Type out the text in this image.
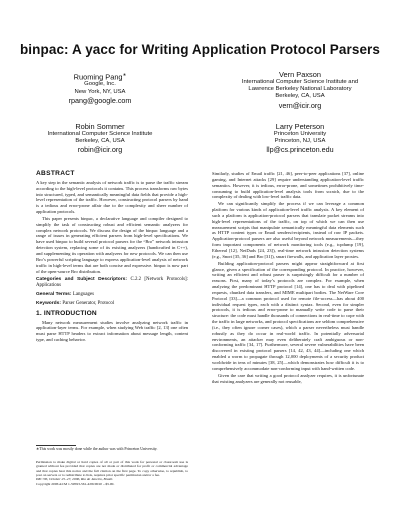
binpac: A yacc for Writing Application Protocol Parsers
Ruoming Pang∗
Google, Inc.
New York, NY, USA
rpang@google.com
Vern Paxson
International Computer Science Institute and
Lawrence Berkeley National Laboratory
Berkeley, CA, USA
vern@icir.org
Robin Sommer
International Computer Science Institute
Berkeley, CA, USA
robin@icir.org
Larry Peterson
Princeton University
Princeton, NJ, USA
llp@cs.princeton.edu
ABSTRACT

A key step in the semantic analysis of network traffic is to parse the traffic stream according to the high-level protocols it contains. This process transforms raw bytes into structured, typed, and semantically meaningful data fields that provide a high-level representation of the traffic. However, constructing protocol parsers by hand is a tedious and error-prone affair due to the complexity and sheer number of application protocols.

This paper presents binpac, a declarative language and compiler designed to simplify the task of constructing robust and efficient semantic analyzers for complex network protocols. We discuss the design of the binpac language and a range of issues in generating efficient parsers from high-level specifications. We have used binpac to build several protocol parsers for the “Bro” network intrusion detection system, replacing some of its existing analyzers (handcrafted in C++), and supplementing its operation with analyzers for new protocols. We can then use Bro’s powerful scripting language to express application-level analysis of network traffic in high-level terms that are both concise and expressive. binpac is now part of the open-source Bro distribution.

Categories and Subject Descriptors: C.2.2 [Network Protocols]: Applications
General Terms: Languages
Keywords: Parser Generator, Protocol
1. INTRODUCTION

Many network measurement studies involve analyzing network traffic in application-layer terms. For example, when studying Web traffic [2, 13] one often must parse HTTP headers to extract information about message length, content type, and caching behavior.

∗This work was mostly done while the author was with Princeton University.
Permission to make digital or hard copies of all or part of this work for personal or classroom use is granted without fee provided that copies are not made or distributed for profit or commercial advantage and that copies bear this notice and the full citation on the first page. To copy otherwise, to republish, to post on servers or to redistribute to lists, requires prior specific permission and/or a fee.
IMC’06, October 25–27, 2006, Rio de Janeiro, Brazil.
Copyright 2006 ACM 1-59593-561-4/06/0010 ...$5.00.

Similarly, studies of Email traffic [21, 46], peer-to-peer applications [37], online gaming, and Internet attacks [29] require understanding application-level traffic semantics. However, it is tedious, error-prone, and sometimes prohibitively time-consuming to build application-level analysis tools from scratch, due to the complexity of dealing with low-level traffic data.

We can significantly simplify the process if we can leverage a common platform for various kinds of application-level traffic analysis. A key element of such a platform is application-protocol parsers that translate packet streams into high-level representations of the traffic, on top of which we can then use measurement scripts that manipulate semantically meaningful data elements such as HTTP content types or Email senders/recipients, instead of raw IP packets. Application-protocol parsers are also useful beyond network measurements—they form important components of network monitoring tools (e.g., tcpdump [19], Ethereal [12], NetDuds [24, 23]), real-time network intrusion detection systems (e.g., Snort [35, 36] and Bro [31]), smart firewalls, and application layer proxies.

Building application-protocol parsers might appear straightforward at first glance, given a specification of the corresponding protocol. In practice, however, writing an efficient and robust parser is surprisingly difficult for a number of reasons. First, many of today’s protocols are complex. For example, when analyzing the predominant HTTP protocol [14], one has to deal with pipelined requests, chunked data transfers, and MIME multipart bodies. The NetWare Core Protocol [33]—a common protocol used for remote file-access—has about 400 individual request types, each with a distinct syntax. Second, even for simpler protocols, it is tedious and error-prone to manually write code to parse their structure: the code must handle thousands of connections in real-time to cope with the traffic in large networks, and protocol specifications are seldom comprehensive (i.e., they often ignore corner cases), which a parser nevertheless must handle robustly as they do occur in real-world traffic. In potentially adversarial environments, an attacker may even deliberately craft ambiguous or non-conforming traffic [34, 17]. Furthermore, several severe vulnerabilities have been discovered in existing protocol parsers [14, 42, 43, 44]—including one which enabled a worm to propagate through 12,000 deployments of a security product worldwide in tens of minutes [38, 25]—which demonstrates how difficult it is to comprehensively accommodate non-conforming input with hand-written code.

Given the care that writing a good protocol analyzer requires, it is unfortunate that existing analyzers are generally not reusable,
